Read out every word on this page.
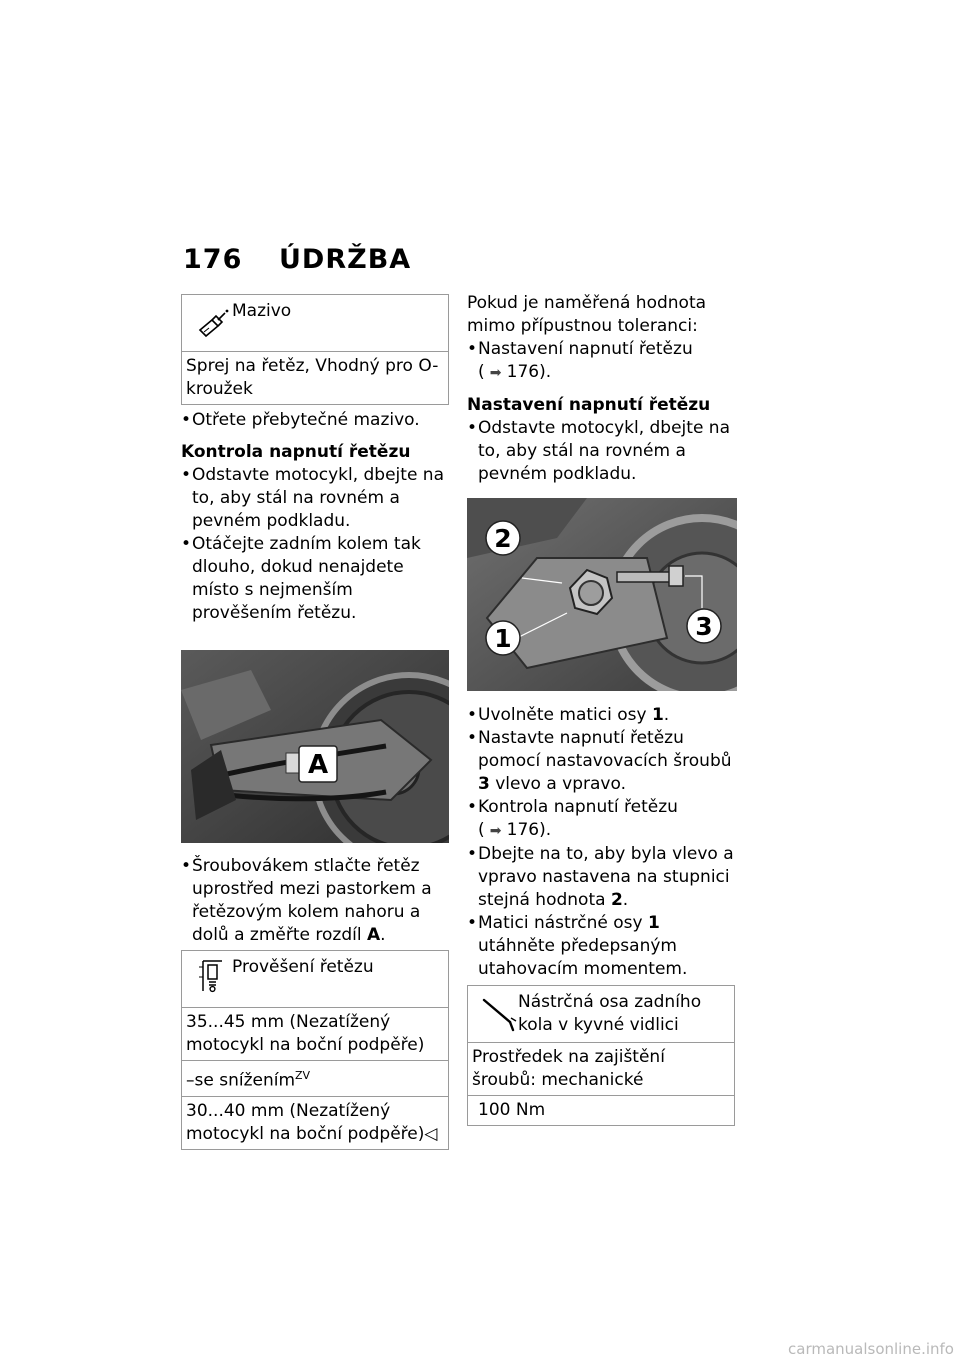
176 ÚDRŽBA
Mazivo
Sprej na řetěz, Vhodný pro O-kroužek

• Otřete přebytečné mazivo.

Kontrola napnutí řetězu

• Odstavte motocykl, dbejte na to, aby stál na rovném a pevném podkladu.

• Otáčejte zadním kolem tak dlouho, dokud nenajdete místo s nejmenším prověšením řetězu.

A

• Šroubovákem stlačte řetěz uprostřed mezi pastorkem a řetězovým kolem nahoru a dolů a změřte rozdíl A.

Prověšení řetězu
35...45 mm (Nezatížený motocykl na boční podpěře)
–se snížením$^{ZV}$
30...40 mm (Nezatížený motocykl na boční podpěře)◁

Pokud je naměřená hodnota mimo přípustnou toleranci:

• Nastavení napnutí řetězu

( ➡ 176).
Nastavení napnutí řetězu

• Odstavte motocykl, dbejte na to, aby stál na rovném a pevném podkladu.

2
1	3

• Uvolněte matici osy 1.

• Nastavte napnutí řetězu pomocí nastavovacích šroubů 3 vlevo a vpravo.

• Kontrola napnutí řetězu

( ➡ 176).

• Dbejte na to, aby byla vlevo a vpravo nastavena na stupnici stejná hodnota 2.

• Matici nástrčné osy 1 utáhněte předepsaným utahovacím momentem.

Nástrčná osa zadního kola v kyvné vidlici
Prostředek na zajištění šroubů: mechanické
100 Nm
carmanualsonline.info
